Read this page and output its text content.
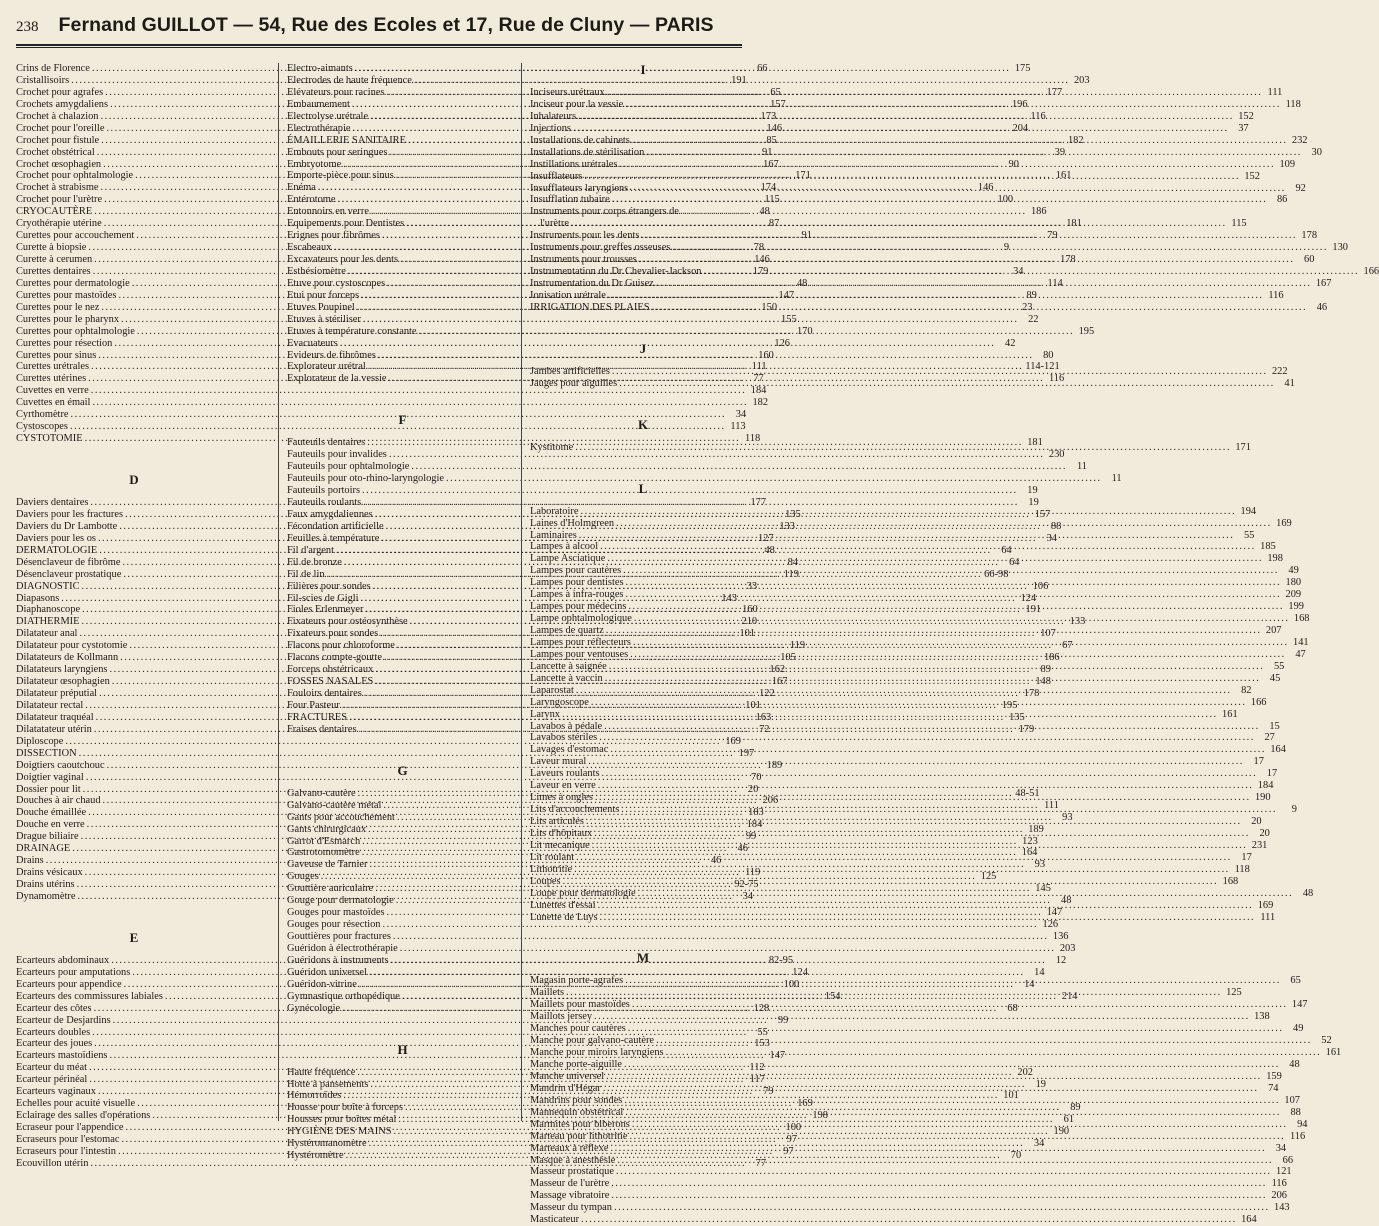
238 Fernand GUILLOT — 54, Rue des Ecoles et 17, Rue de Cluny — PARIS
Crins de Florence .....	66
Cristallisoirs .....	191
Crochet pour agrafes .....	65
Crochets amygdaliens .....	157
Crochet à chalazion .....	173
Crochet pour l'oreille .....	146
Crochet pour fistule .....	85
Crochet obstétrical .....	91
Crochet œsophagien .....	167
Crochet pour ophtalmologie .....	171
Crochet à strabisme .....	174
Crochet pour l'urètre .....	115
CRYOCAUTÈRE .....	48
Cryothérapie utérine .....	87
Curettes pour accouchement .....	91
Curette à biopsie .....	78
Curette à cerumen .....	146
Curettes dentaires .....	179
Curettes pour dermatologie .....	48
Curettes pour mastoïdes .....	147
Curettes pour le nez .....	150
Curettes pour le pharynx .....	155
Curettes pour ophtalmologie .....	170
Curettes pour résection .....	126
Curettes pour sinus .....	160
Curettes urétrales .....	111
Curettes utérines .....	77
Cuvettes en verre .....	184
Cuvettes en émail .....	182
Cyrthomètre .....	34
Cystoscopes .....	113
CYSTOTOMIE .....	118
D
Daviers dentaires .....	177
Daviers pour les fractures .....	135
Daviers du Dr Lambotte .....	133
Daviers pour les os .....	127
DERMATOLOGIE .....	48
Désenclaveur de fibrôme .....	84
Désenclaveur prostatique .....	119
DIAGNOSTIC .....	33
Diapasons .....	143
Diaphanoscope .....	160
DIATHERMIE .....	210
Dilatateur anal .....	101
Dilatateur pour cystotomie .....	119
Dilatateurs de Kollmann .....	105
Dilatateurs laryngiens .....	162
Dilatateur œsophagien .....	167
Dilatateur préputial .....	122
Dilatateur rectal .....	101
Dilatateur traquéal .....	163
Dilatatateur utérin .....	72
Diploscope .....	169
DISSECTION .....	197
Doigtiers caoutchouc .....	189
Doigtier vaginal .....	70
Dossier pour lit .....	20
Douches à air chaud .....	206
Douche émaillée .....	183
Douche en verre .....	184
Drague biliaire .....	99
DRAINAGE .....	46
Drains .....	46
Drains vésicaux .....	119
Drains utérins .....	92-75
Dynamomètre .....	34
E
Ecarteurs abdominaux .....	82-95
Ecarteurs pour amputations .....	124
Ecarteurs pour appendice .....	100
Ecarteurs des commissures labiales .....	154
Ecarteur des côtes .....	128
Ecarteur de Desjardins .....	99
Ecarteurs doubles .....	55
Ecarteur des joues .....	153
Ecarteurs mastoïdiens .....	147
Ecarteur du méat .....	112
Ecarteur périnéal .....	117
Ecarteurs vaginaux .....	79
Echelles pour acuité visuelle .....	169
Eclairage des salles d'opérations .....	198
Ecraseur pour l'appendice .....	100
Ecraseurs pour l'estomac .....	97
Ecraseurs pour l'intestin .....	97
Ecouvillon utérin .....	77
Electro-aimants .....	175
Electrodes de haute fréquence .....	203
Elévateurs pour racines .....	177
Embaumement .....	196
Electrolyse urétrale .....	116
Electrothérapie .....	204
ÉMAILLERIE SANITAIRE .....	182
Embouts pour seringues .....	39
Embryotome .....	90
Emporte-pièce pour sinus .....	161
Enéma .....	146
Entérotome .....	100
Entonnoirs en verre .....	186
Equipements pour Dentistes .....	181
Erignes pour fibrômes .....	79
Escabeaux .....	9
Excavateurs pour les dents .....	178
Esthésiomètre .....	34
Etuve pour cystoscopes .....	114
Etui pour forceps .....	89
Etuves Poupinel .....	23
Etuves à stériliser .....	22
Etuves à température constante .....	195
Evacuateurs .....	42
Evideurs de fibrômes .....	80
Explorateur urétral .....	114-121
Explorateur de la vessie .....	116
F
Fauteuils dentaires .....	181
Fauteuils pour invalides .....	230
Fauteuils pour ophtalmologie .....	11
Fauteuils pour oto-rhino-laryngologie .....	11
Fauteuils portoirs .....	19
Fauteuils roulants .....	19
Faux amygdaliennes .....	157
Fécondation artificielle .....	88
Feuilles à température .....	34
Fil d'argent .....	64
Fil de bronze .....	64
Fil de lin .....	66-98
Filières pour sondes .....	106
Fil-scies de Gigli .....	124
Fioles Erlenmeyer .....	191
Fixateurs pour ostéosynthèse .....	133
Fixateurs pour sondes .....	107
Flacons pour chloroforme .....	67
Flacons compte-goutte .....	186
Forceps obstétricaux .....	89
FOSSES NASALES .....	148
Fouloirs dentaires .....	178
Four Pasteur .....	195
FRACTURES .....	135
Fraises dentaires .....	179
G
Galvano-cautère .....	48-51
Galvano-cautère métal .....	111
Gants pour accouchement .....	93
Gants chirurgicaux .....	189
Garrot d'Esmarch .....	123
Gastrotomomètre .....	164
Gaveuse de Tarnier .....	93
Gouges .....	125
Gouttière auriculaire .....	145
Gouge pour dermatologie .....	48
Gouges pour mastoïdes .....	147
Gouges pour résection .....	126
Gouttières pour fractures .....	136
Guéridon à électrothérapie .....	203
Guéridons à instruments .....	12
Guéridon universel .....	14
Guéridon-vitrine .....	14
Gymnastique orthopédique .....	214
Gynécologie .....	68
H
Haute fréquence .....	202
Hotte à pansements .....	19
Hémorroïdes .....	101
Housse pour boîte à forceps .....	89
Housses pour boîtes métal .....	61
HYGIÈNE DES MAINS .....	190
Hystéromanomètre .....	34
Hystéromètre .....	70
I
Inciseurs urétraux .....	111
Inciseur pour la vessie .....	118
Inhalateurs .....	152
Injections .....	37
Installations de cabinets .....	232
Installations de stérilisation .....	30
Instillations urétrales .....	109
Insufflateurs .....	152
Insufflateurs laryngiens .....	92
Insufflation tubaire .....	86
Instruments pour corps étrangers de
l'urètre .....	115
Instruments pour les dents .....	178
Instruments pour greffes osseuses .....	130
Instruments pour trousses .....	60
Instrumentation du Dr Chevalier-Jackson .....	166
Instrumentation du Dr Guisez .....	167
Ionisation urétrale .....	116
IRRIGATION DES PLAIES .....	46
J
Jambes artificielles .....	222
Jauges pour aiguilles .....	41
K
Kystitome .....	171
L
Laboratoire .....	194
Laines d'Holmgreen .....	169
Laminaires .....	55
Lampes à alcool .....	185
Lampe Asciatique .....	198
Lampes pour cautères .....	49
Lampes pour dentistes .....	180
Lampes à infra-rouges .....	209
Lampes pour médecins .....	199
Lampe ophtalmologique .....	168
Lampes de quartz .....	207
Lampes pour réflecteurs .....	141
Lampes pour ventouses .....	47
Lancette à saignée .....	55
Lancette à vaccin .....	45
Laparostat .....	82
Laryngoscope .....	166
Larynx .....	161
Lavabos à pédale .....	15
Lavabos stériles .....	27
Lavages d'estomac .....	164
Laveur mural .....	17
Laveurs roulants .....	17
Laveur en verre .....	184
Limes à ongles .....	190
Lits d'accouchements .....	9
Lits articulés .....	20
Lits d'hôpitaux .....	20
Lit mecanique .....	231
Lit roulant .....	17
Lithotritie .....	118
Loupes .....	168
Loupe pour dermatologie .....	48
Lunettes d'essai .....	169
Lunette de Luys .....	111
M
Magasin porte-agrafes .....	65
Maillets .....	125
Maillets pour mastoïdes .....	147
Maillots jersey .....	138
Manches pour cautères .....	49
Manche pour galvano-cautère .....	52
Manche pour miroirs laryngiens .....	161
Manche porte-aiguille .....	48
Manche universel .....	159
Mandrin d'Hégar .....	74
Mandrins pour sondes .....	107
Mannequin obstétrical .....	88
Marmites pour biberons .....	94
Marteau pour lithotritie .....	116
Marteaux à réflexe .....	34
Masque à anesthésie .....	66
Masseur prostatique .....	121
Masseur de l'urètre .....	116
Massage vibratoire .....	206
Masseur du tympan .....	143
Masticateur .....	164
